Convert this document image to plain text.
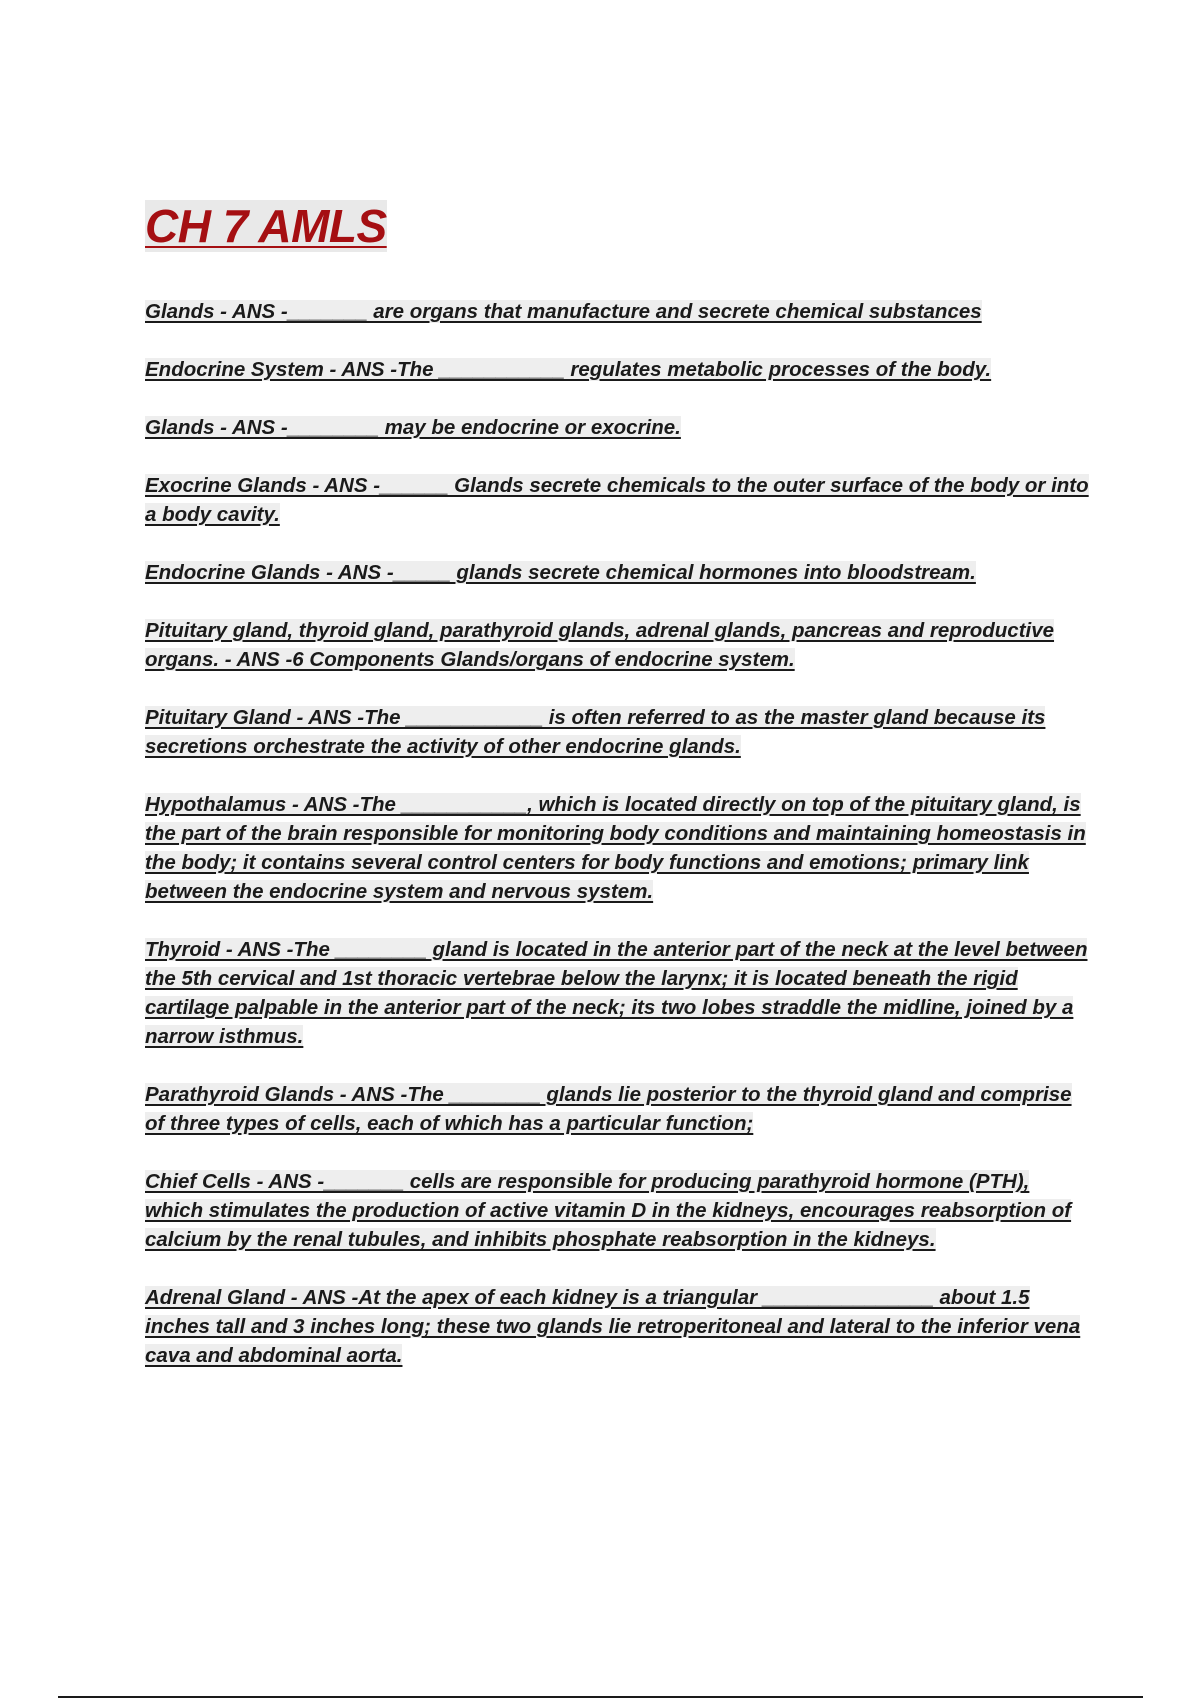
CH 7 AMLS

Glands - ANS -_______ are organs that manufacture and secrete chemical substances

Endocrine System - ANS -The ___________ regulates metabolic processes of the body.

Glands - ANS -________ may be endocrine or exocrine.

Exocrine Glands - ANS -______ Glands secrete chemicals to the outer surface of the body or into a body cavity.

Endocrine Glands - ANS -_____ glands secrete chemical hormones into bloodstream.

Pituitary gland, thyroid gland, parathyroid glands, adrenal glands, pancreas and reproductive organs. - ANS -6 Components Glands/organs of endocrine system.

Pituitary Gland - ANS -The ____________ is often referred to as the master gland because its secretions orchestrate the activity of other endocrine glands.

Hypothalamus - ANS -The ___________, which is located directly on top of the pituitary gland, is the part of the brain responsible for monitoring body conditions and maintaining homeostasis in the body; it contains several control centers for body functions and emotions; primary link between the endocrine system and nervous system.

Thyroid - ANS -The ________ gland is located in the anterior part of the neck at the level between the 5th cervical and 1st thoracic vertebrae below the larynx; it is located beneath the rigid cartilage palpable in the anterior part of the neck; its two lobes straddle the midline, joined by a narrow isthmus.

Parathyroid Glands - ANS -The ________ glands lie posterior to the thyroid gland and comprise of three types of cells, each of which has a particular function;

Chief Cells - ANS -_______ cells are responsible for producing parathyroid hormone (PTH), which stimulates the production of active vitamin D in the kidneys, encourages reabsorption of calcium by the renal tubules, and inhibits phosphate reabsorption in the kidneys.

Adrenal Gland - ANS -At the apex of each kidney is a triangular _______________ about 1.5 inches tall and 3 inches long; these two glands lie retroperitoneal and lateral to the inferior vena cava and abdominal aorta.
